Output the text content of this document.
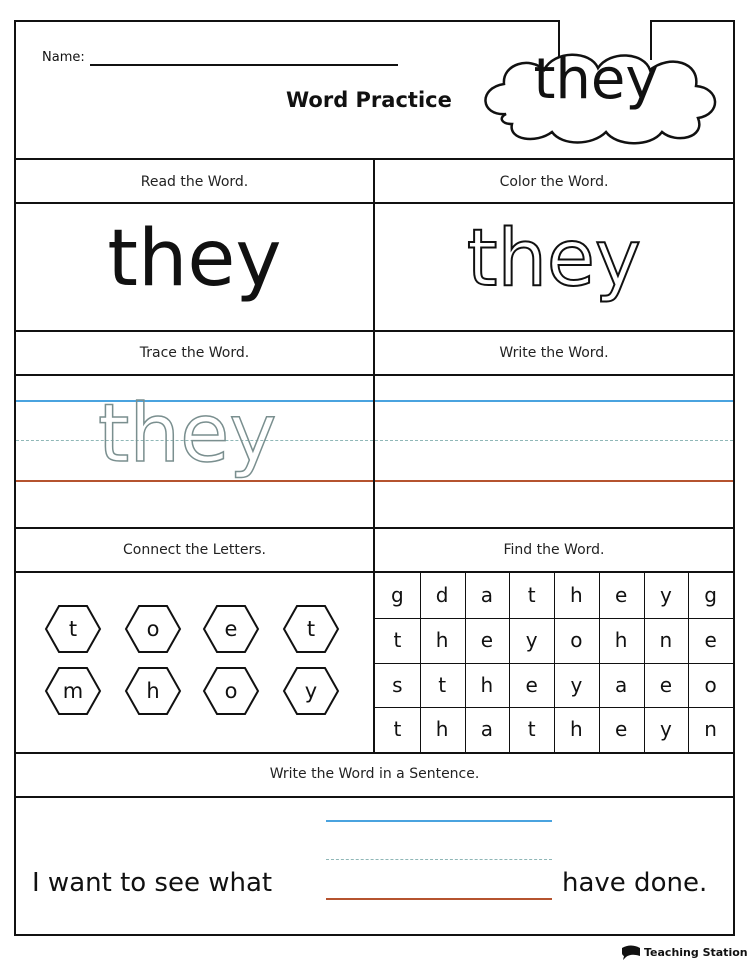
Name:
Word Practice	they
Read the Word.	Color the Word.
they	they
Trace the Word.	Write the Word.
they
Connect the Letters.	Find the Word.
t	o	e	t
m	h	o	y
g	d	a	t	h	e	y	g
t	h	e	y	o	h	n	e
s	t	h	e	y	a	e	o
t	h	a	t	h	e	y	n
Write the Word in a Sentence.
I want to see what	have done.
Teaching Station
